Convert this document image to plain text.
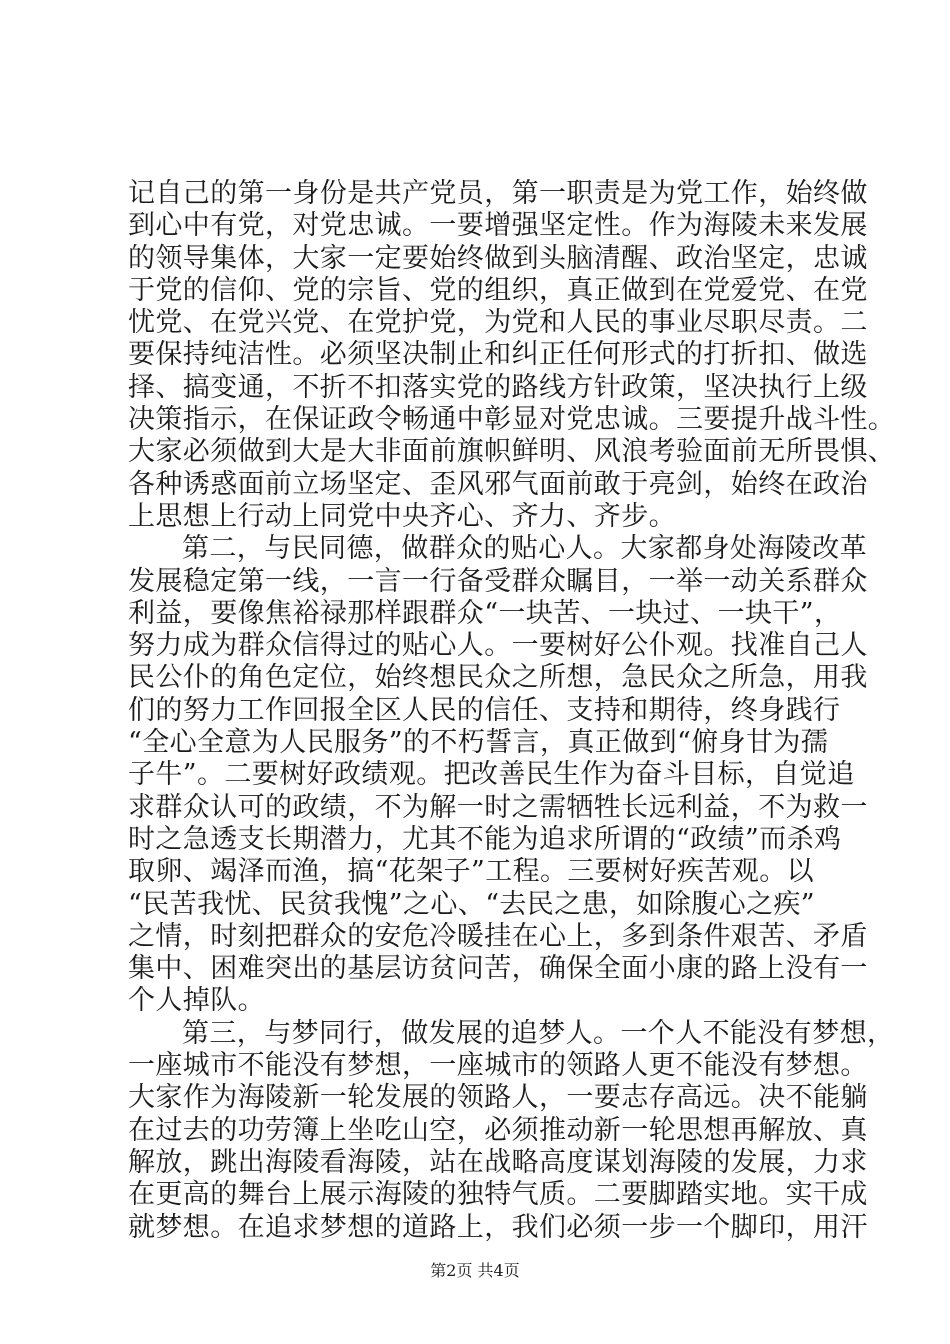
记自己的第一身份是共产党员，第一职责是为党工作，始终做
到心中有党，对党忠诚。一要增强坚定性。作为海陵未来发展
的领导集体，大家一定要始终做到头脑清醒、政治坚定，忠诚
于党的信仰、党的宗旨、党的组织，真正做到在党爱党、在党
忧党、在党兴党、在党护党，为党和人民的事业尽职尽责。二
要保持纯洁性。必须坚决制止和纠正任何形式的打折扣、做选
择、搞变通，不折不扣落实党的路线方针政策，坚决执行上级
决策指示，在保证政令畅通中彰显对党忠诚。三要提升战斗性。
大家必须做到大是大非面前旗帜鲜明、风浪考验面前无所畏惧、
各种诱惑面前立场坚定、歪风邪气面前敢于亮剑，始终在政治
上思想上行动上同党中央齐心、齐力、齐步。
第二，与民同德，做群众的贴心人。大家都身处海陵改革
发展稳定第一线，一言一行备受群众瞩目，一举一动关系群众
利益，要像焦裕禄那样跟群众“一块苦、一块过、一块干”，
努力成为群众信得过的贴心人。一要树好公仆观。找准自己人
民公仆的角色定位，始终想民众之所想，急民众之所急，用我
们的努力工作回报全区人民的信任、支持和期待，终身践行
“全心全意为人民服务”的不朽誓言，真正做到“俯身甘为孺
子牛”。二要树好政绩观。把改善民生作为奋斗目标，自觉追
求群众认可的政绩，不为解一时之需牺牲长远利益，不为救一
时之急透支长期潜力，尤其不能为追求所谓的“政绩”而杀鸡
取卵、竭泽而渔，搞“花架子”工程。三要树好疾苦观。以
“民苦我忧、民贫我愧”之心、“去民之患，如除腹心之疾”
之情，时刻把群众的安危冷暖挂在心上，多到条件艰苦、矛盾
集中、困难突出的基层访贫问苦，确保全面小康的路上没有一
个人掉队。
第三，与梦同行，做发展的追梦人。一个人不能没有梦想，
一座城市不能没有梦想，一座城市的领路人更不能没有梦想。
大家作为海陵新一轮发展的领路人，一要志存高远。决不能躺
在过去的功劳簿上坐吃山空，必须推动新一轮思想再解放、真
解放，跳出海陵看海陵，站在战略高度谋划海陵的发展，力求
在更高的舞台上展示海陵的独特气质。二要脚踏实地。实干成
就梦想。在追求梦想的道路上，我们必须一步一个脚印，用汗
第2页 共4页
